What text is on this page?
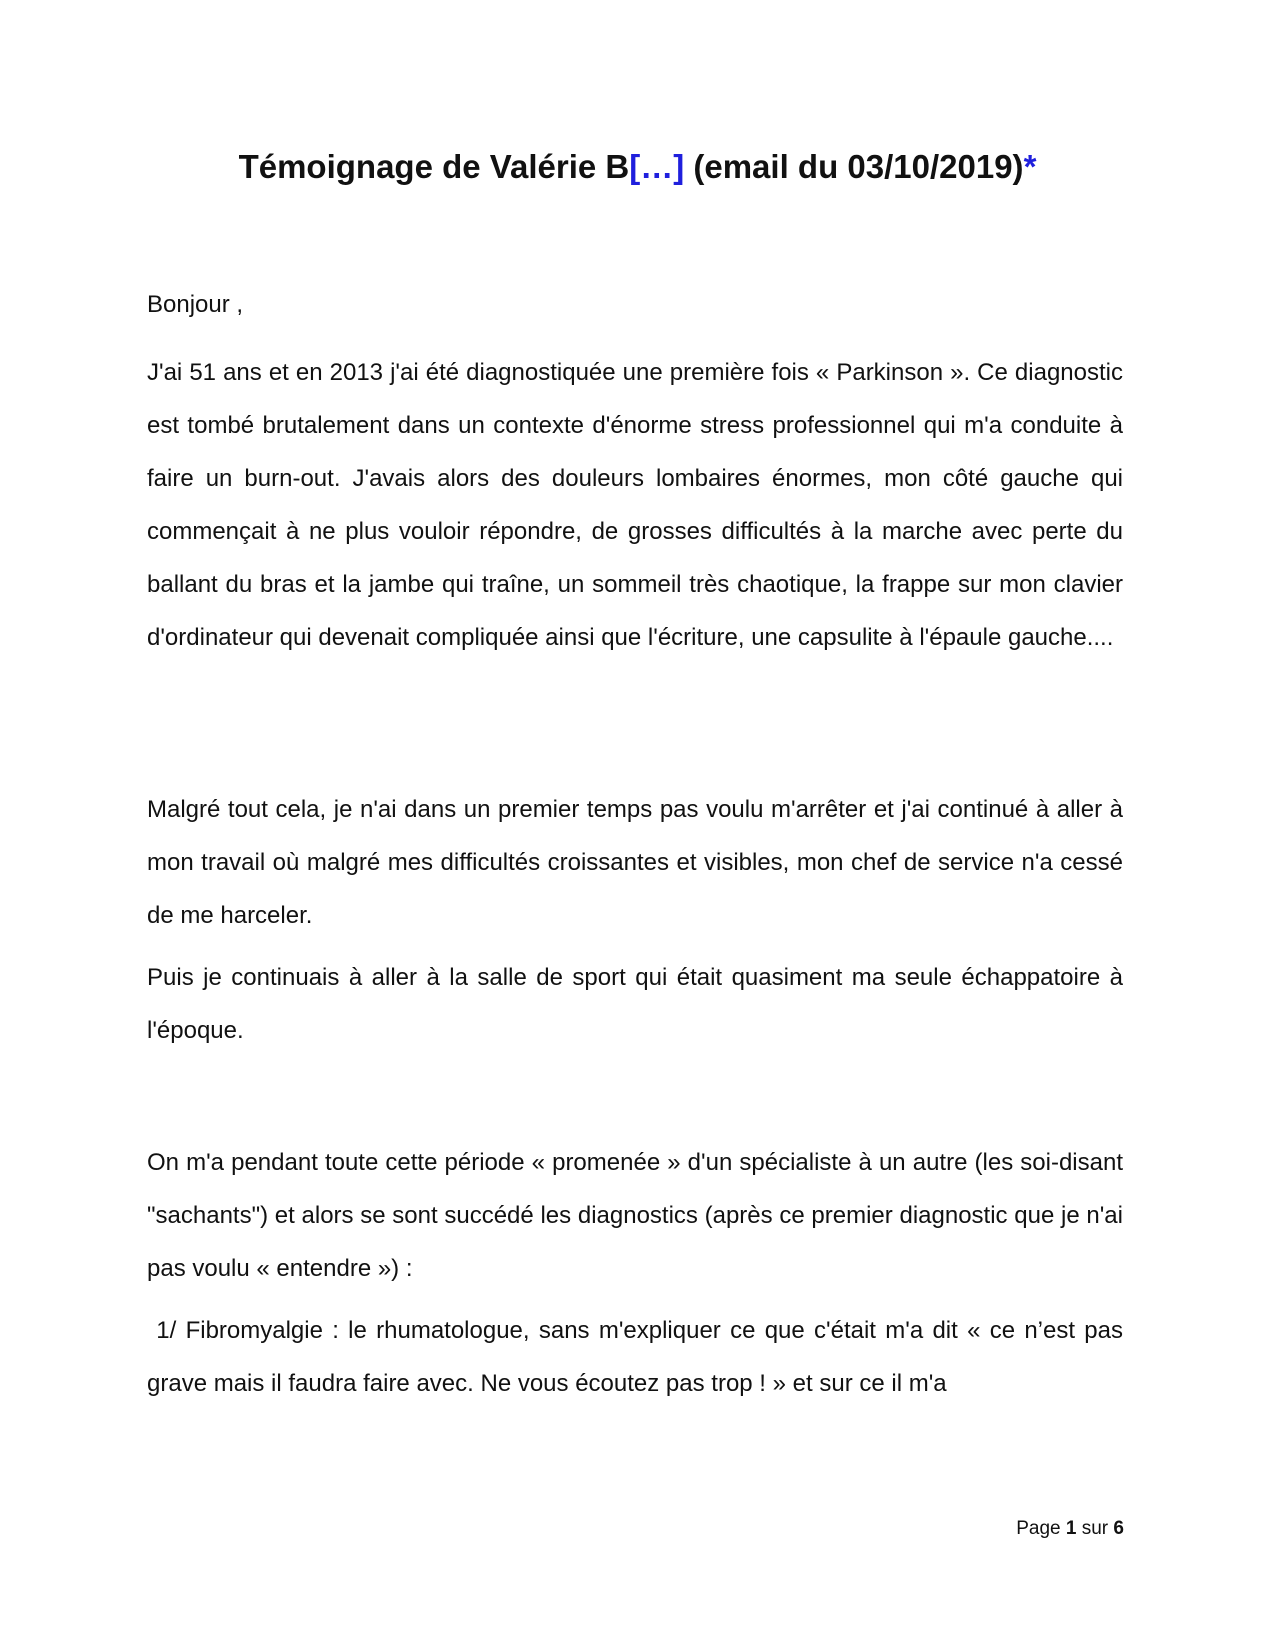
Témoignage de Valérie B[…] (email du 03/10/2019)*

Bonjour ,

J'ai 51 ans et en 2013 j'ai été diagnostiquée une première fois « Parkinson ». Ce diagnostic est tombé brutalement dans un contexte d'énorme stress professionnel qui m'a conduite à faire un burn-out. J'avais alors des douleurs lombaires énormes, mon côté gauche qui commençait à ne plus vouloir répondre, de grosses difficultés à la marche avec perte du ballant du bras et la jambe qui traîne, un sommeil très chaotique, la frappe sur mon clavier d'ordinateur qui devenait compliquée ainsi que l'écriture, une capsulite à l'épaule gauche....

Malgré tout cela, je n'ai dans un premier temps pas voulu m'arrêter et j'ai continué à aller à mon travail où malgré mes difficultés croissantes et visibles, mon chef de service n'a cessé de me harceler.

Puis je continuais à aller à la salle de sport qui était quasiment ma seule échappatoire à l'époque.

On m'a pendant toute cette période « promenée » d'un spécialiste à un autre (les soi-disant "sachants") et alors se sont succédé les diagnostics (après ce premier diagnostic que je n'ai pas voulu « entendre ») :

1/ Fibromyalgie : le rhumatologue, sans m'expliquer ce que c'était m'a dit « ce n’est pas grave mais il faudra faire avec. Ne vous écoutez pas trop ! » et sur ce il m'a

Page 1 sur 6
